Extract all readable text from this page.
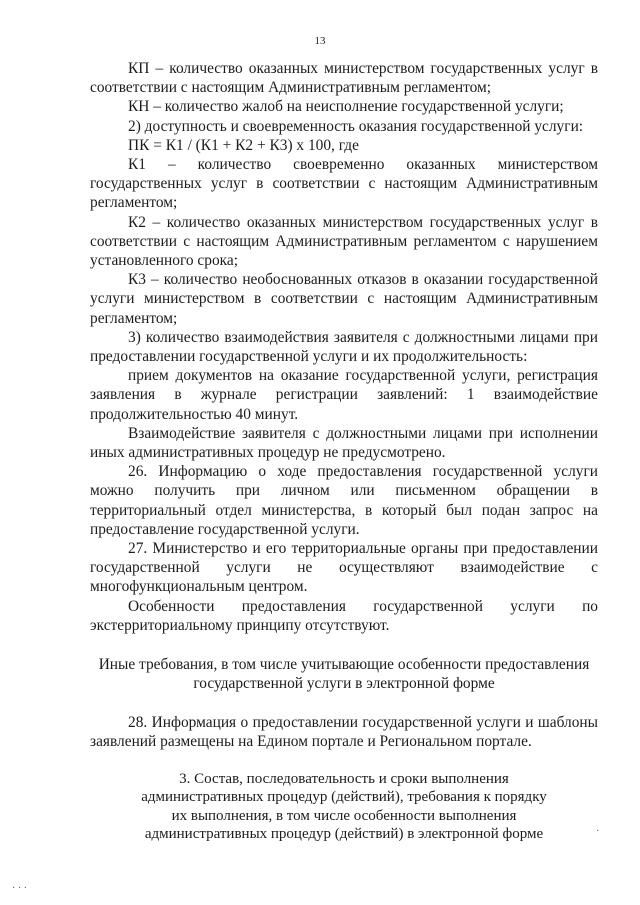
13

КП – количество оказанных министерством государственных услуг в соответствии с настоящим Административным регламентом;

КН – количество жалоб на неисполнение государственной услуги;

2) доступность и своевременность оказания государственной услуги:

ПК = К1 / (К1 + К2 + К3) х 100, где

К1 – количество своевременно оказанных министерством государственных услуг в соответствии с настоящим Административным регламентом;

К2 – количество оказанных министерством государственных услуг в соответствии с настоящим Административным регламентом с нарушением установленного срока;

К3 – количество необоснованных отказов в оказании государственной услуги министерством в соответствии с настоящим Административным регламентом;

3) количество взаимодействия заявителя с должностными лицами при предоставлении государственной услуги и их продолжительность:

прием документов на оказание государственной услуги, регистрация заявления в журнале регистрации заявлений: 1 взаимодействие продолжительностью 40 минут.

Взаимодействие заявителя с должностными лицами при исполнении иных административных процедур не предусмотрено.

26. Информацию о ходе предоставления государственной услуги можно получить при личном или письменном обращении в территориальный отдел министерства, в который был подан запрос на предоставление государственной услуги.

27. Министерство и его территориальные органы при предоставлении государственной услуги не осуществляют взаимодействие с многофункциональным центром.

Особенности предоставления государственной услуги по экстерриториальному принципу отсутствуют.

Иные требования, в том числе учитывающие особенности предоставления государственной услуги в электронной форме

28. Информация о предоставлении государственной услуги и шаблоны заявлений размещены на Едином портале и Региональном портале.

3. Состав, последовательность и сроки выполнения

административных процедур (действий), требования к порядку

их выполнения, в том числе особенности выполнения

административных процедур (действий) в электронной форме

· · ·
·
